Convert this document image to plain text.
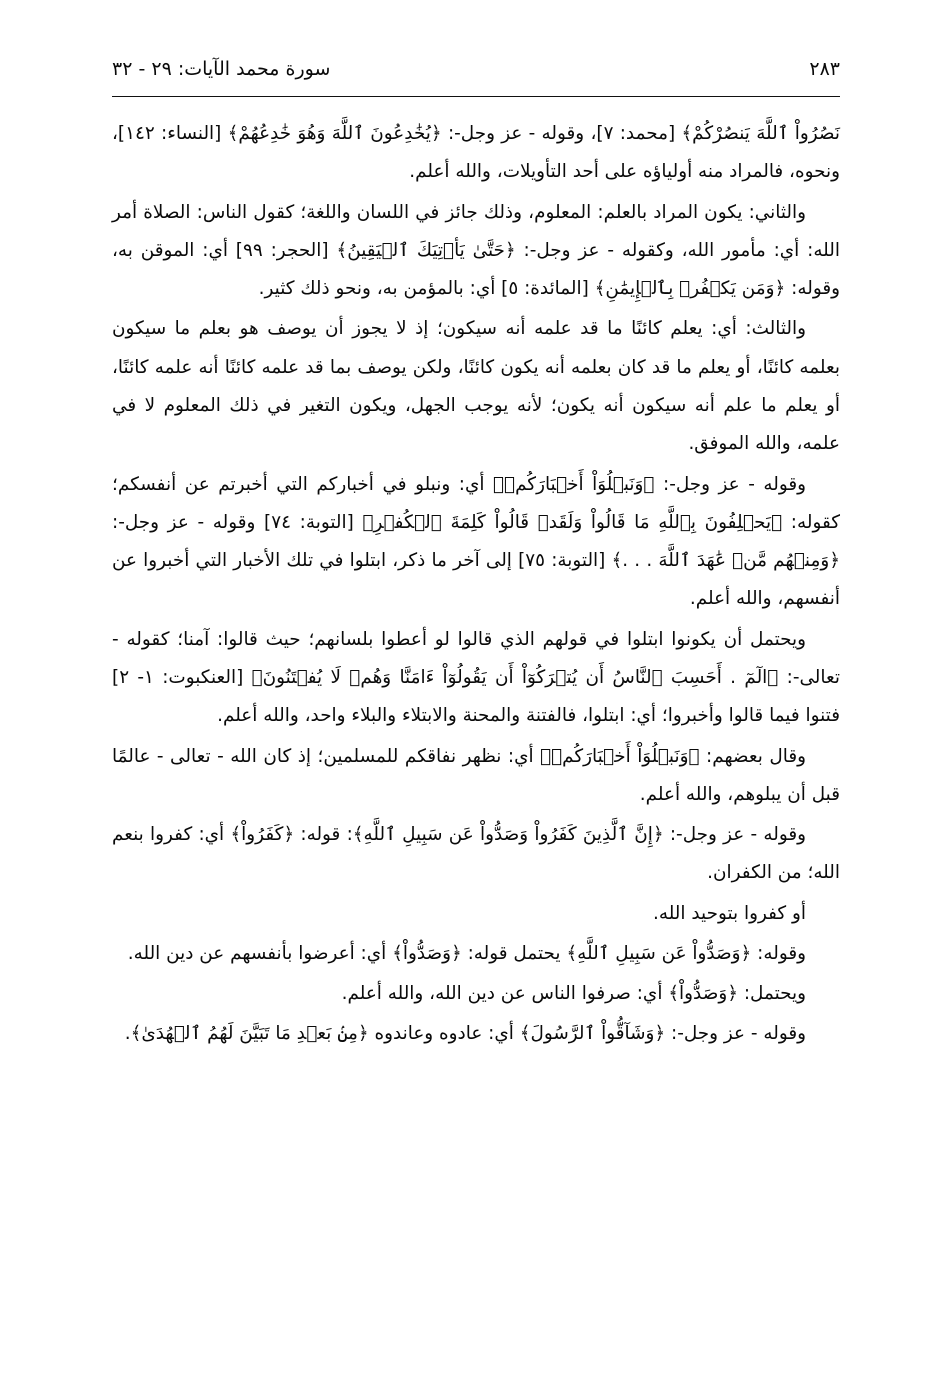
سورة محمد الآيات: ٢٩ - ٣٢	٢٨٣

نَصُرُواْ ٱللَّهَ يَنصُرْكُمْ﴾ [محمد: ٧]، وقوله - عز وجل-: ﴿يُخَٰدِعُونَ ٱللَّهَ وَهُوَ خَٰدِعُهُمْ﴾ [النساء: ١٤٢]، ونحوه، فالمراد منه أولياؤه على أحد التأويلات، والله أعلم.

والثاني: يكون المراد بالعلم: المعلوم، وذلك جائز في اللسان واللغة؛ كقول الناس: الصلاة أمر الله: أي: مأمور الله، وكقوله - عز وجل-: ﴿حَتَّىٰ يَأۡتِيَكَ ٱلۡيَقِينُ﴾ [الحجر: ٩٩] أي: الموقن به، وقوله: ﴿وَمَن يَكۡفُرۡ بِٱلۡإِيمَٰنِ﴾ [المائدة: ٥] أي: بالمؤمن به، ونحو ذلك كثير.

والثالث: أي: يعلم كائنًا ما قد علمه أنه سيكون؛ إذ لا يجوز أن يوصف هو بعلم ما سيكون بعلمه كائنًا، أو يعلم ما قد كان بعلمه أنه يكون كائنًا، ولكن يوصف بما قد علمه كائنًا أنه علمه كائنًا، أو يعلم ما علم أنه سيكون أنه يكون؛ لأنه يوجب الجهل، ويكون التغير في ذلك المعلوم لا في علمه، والله الموفق.

وقوله - عز وجل-: ﴿وَنَبۡلُوَاْ أَخۡبَارَكُمۡ﴾ أي: ونبلو في أخباركم التي أخبرتم عن أنفسكم؛ كقوله: ﴿يَحۡلِفُونَ بِٱللَّهِ مَا قَالُواْ وَلَقَدۡ قَالُواْ كَلِمَةَ ٱلۡكُفۡرِ﴾ [التوبة: ٧٤] وقوله - عز وجل-: ﴿وَمِنۡهُم مَّنۡ عَٰهَدَ ٱللَّهَ . . .﴾ [التوبة: ٧٥] إلى آخر ما ذكر، ابتلوا في تلك الأخبار التي أخبروا عن أنفسهم، والله أعلم.

ويحتمل أن يكونوا ابتلوا في قولهم الذي قالوا لو أعطوا بلسانهم؛ حيث قالوا: آمنا؛ كقوله - تعالى-: ﴿الٓمٓ . أَحَسِبَ ٱلنَّاسُ أَن يُتۡرَكُوٓاْ أَن يَقُولُوٓاْ ءَامَنَّا وَهُمۡ لَا يُفۡتَنُونَ﴾ [العنكبوت: ١- ٢] فتنوا فيما قالوا وأخبروا؛ أي: ابتلوا، فالفتنة والمحنة والابتلاء والبلاء واحد، والله أعلم.

وقال بعضهم: ﴿وَنَبۡلُوَاْ أَخۡبَارَكُمۡ﴾ أي: نظهر نفاقكم للمسلمين؛ إذ كان الله - تعالى - عالمًا قبل أن يبلوهم، والله أعلم.

وقوله - عز وجل-: ﴿إِنَّ ٱلَّذِينَ كَفَرُواْ وَصَدُّواْ عَن سَبِيلِ ٱللَّهِ﴾: قوله: ﴿كَفَرُواْ﴾ أي: كفروا بنعم الله؛ من الكفران.

أو كفروا بتوحيد الله.

وقوله: ﴿وَصَدُّواْ عَن سَبِيلِ ٱللَّهِ﴾ يحتمل قوله: ﴿وَصَدُّواْ﴾ أي: أعرضوا بأنفسهم عن دين الله.

ويحتمل: ﴿وَصَدُّواْ﴾ أي: صرفوا الناس عن دين الله، والله أعلم.

وقوله - عز وجل-: ﴿وَشَآقُّواْ ٱلرَّسُولَ﴾ أي: عادوه وعاندوه ﴿مِنۢ بَعۡدِ مَا تَبَيَّنَ لَهُمُ ٱلۡهُدَىٰ﴾.
